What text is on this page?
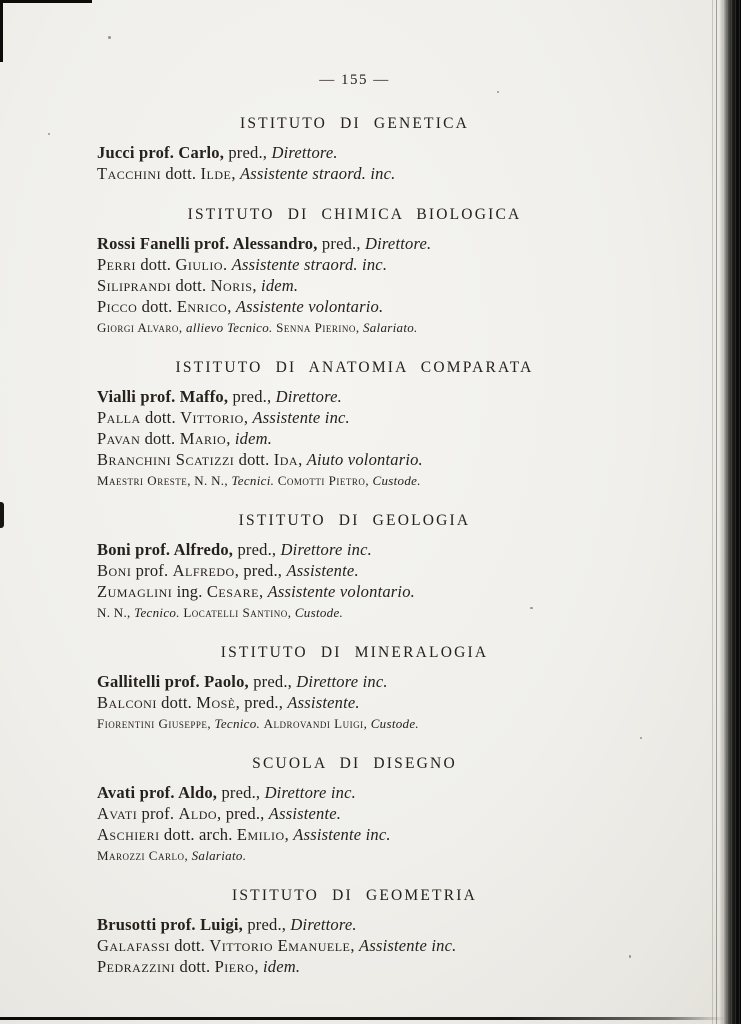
— 155 —

ISTITUTO DI GENETICA

Jucci prof. Carlo, pred., Direttore.

Tacchini dott. Ilde, Assistente straord. inc.

ISTITUTO DI CHIMICA BIOLOGICA

Rossi Fanelli prof. Alessandro, pred., Direttore.

Perri dott. Giulio. Assistente straord. inc.

Siliprandi dott. Noris, idem.

Picco dott. Enrico, Assistente volontario.

Giorgi Alvaro, allievo Tecnico. Senna Pierino, Salariato.

ISTITUTO DI ANATOMIA COMPARATA

Vialli prof. Maffo, pred., Direttore.

Palla dott. Vittorio, Assistente inc.

Pavan dott. Mario, idem.

Branchini Scatizzi dott. Ida, Aiuto volontario.

Maestri Oreste, N. N., Tecnici. Comotti Pietro, Custode.

ISTITUTO DI GEOLOGIA

Boni prof. Alfredo, pred., Direttore inc.

Boni prof. Alfredo, pred., Assistente.

Zumaglini ing. Cesare, Assistente volontario.

N. N., Tecnico. Locatelli Santino, Custode.

ISTITUTO DI MINERALOGIA

Gallitelli prof. Paolo, pred., Direttore inc.

Balconi dott. Mosè, pred., Assistente.

Fiorentini Giuseppe, Tecnico. Aldrovandi Luigi, Custode.

SCUOLA DI DISEGNO

Avati prof. Aldo, pred., Direttore inc.

Avati prof. Aldo, pred., Assistente.

Aschieri dott. arch. Emilio, Assistente inc.

Marozzi Carlo, Salariato.

ISTITUTO DI GEOMETRIA

Brusotti prof. Luigi, pred., Direttore.

Galafassi dott. Vittorio Emanuele, Assistente inc.

Pedrazzini dott. Piero, idem.
